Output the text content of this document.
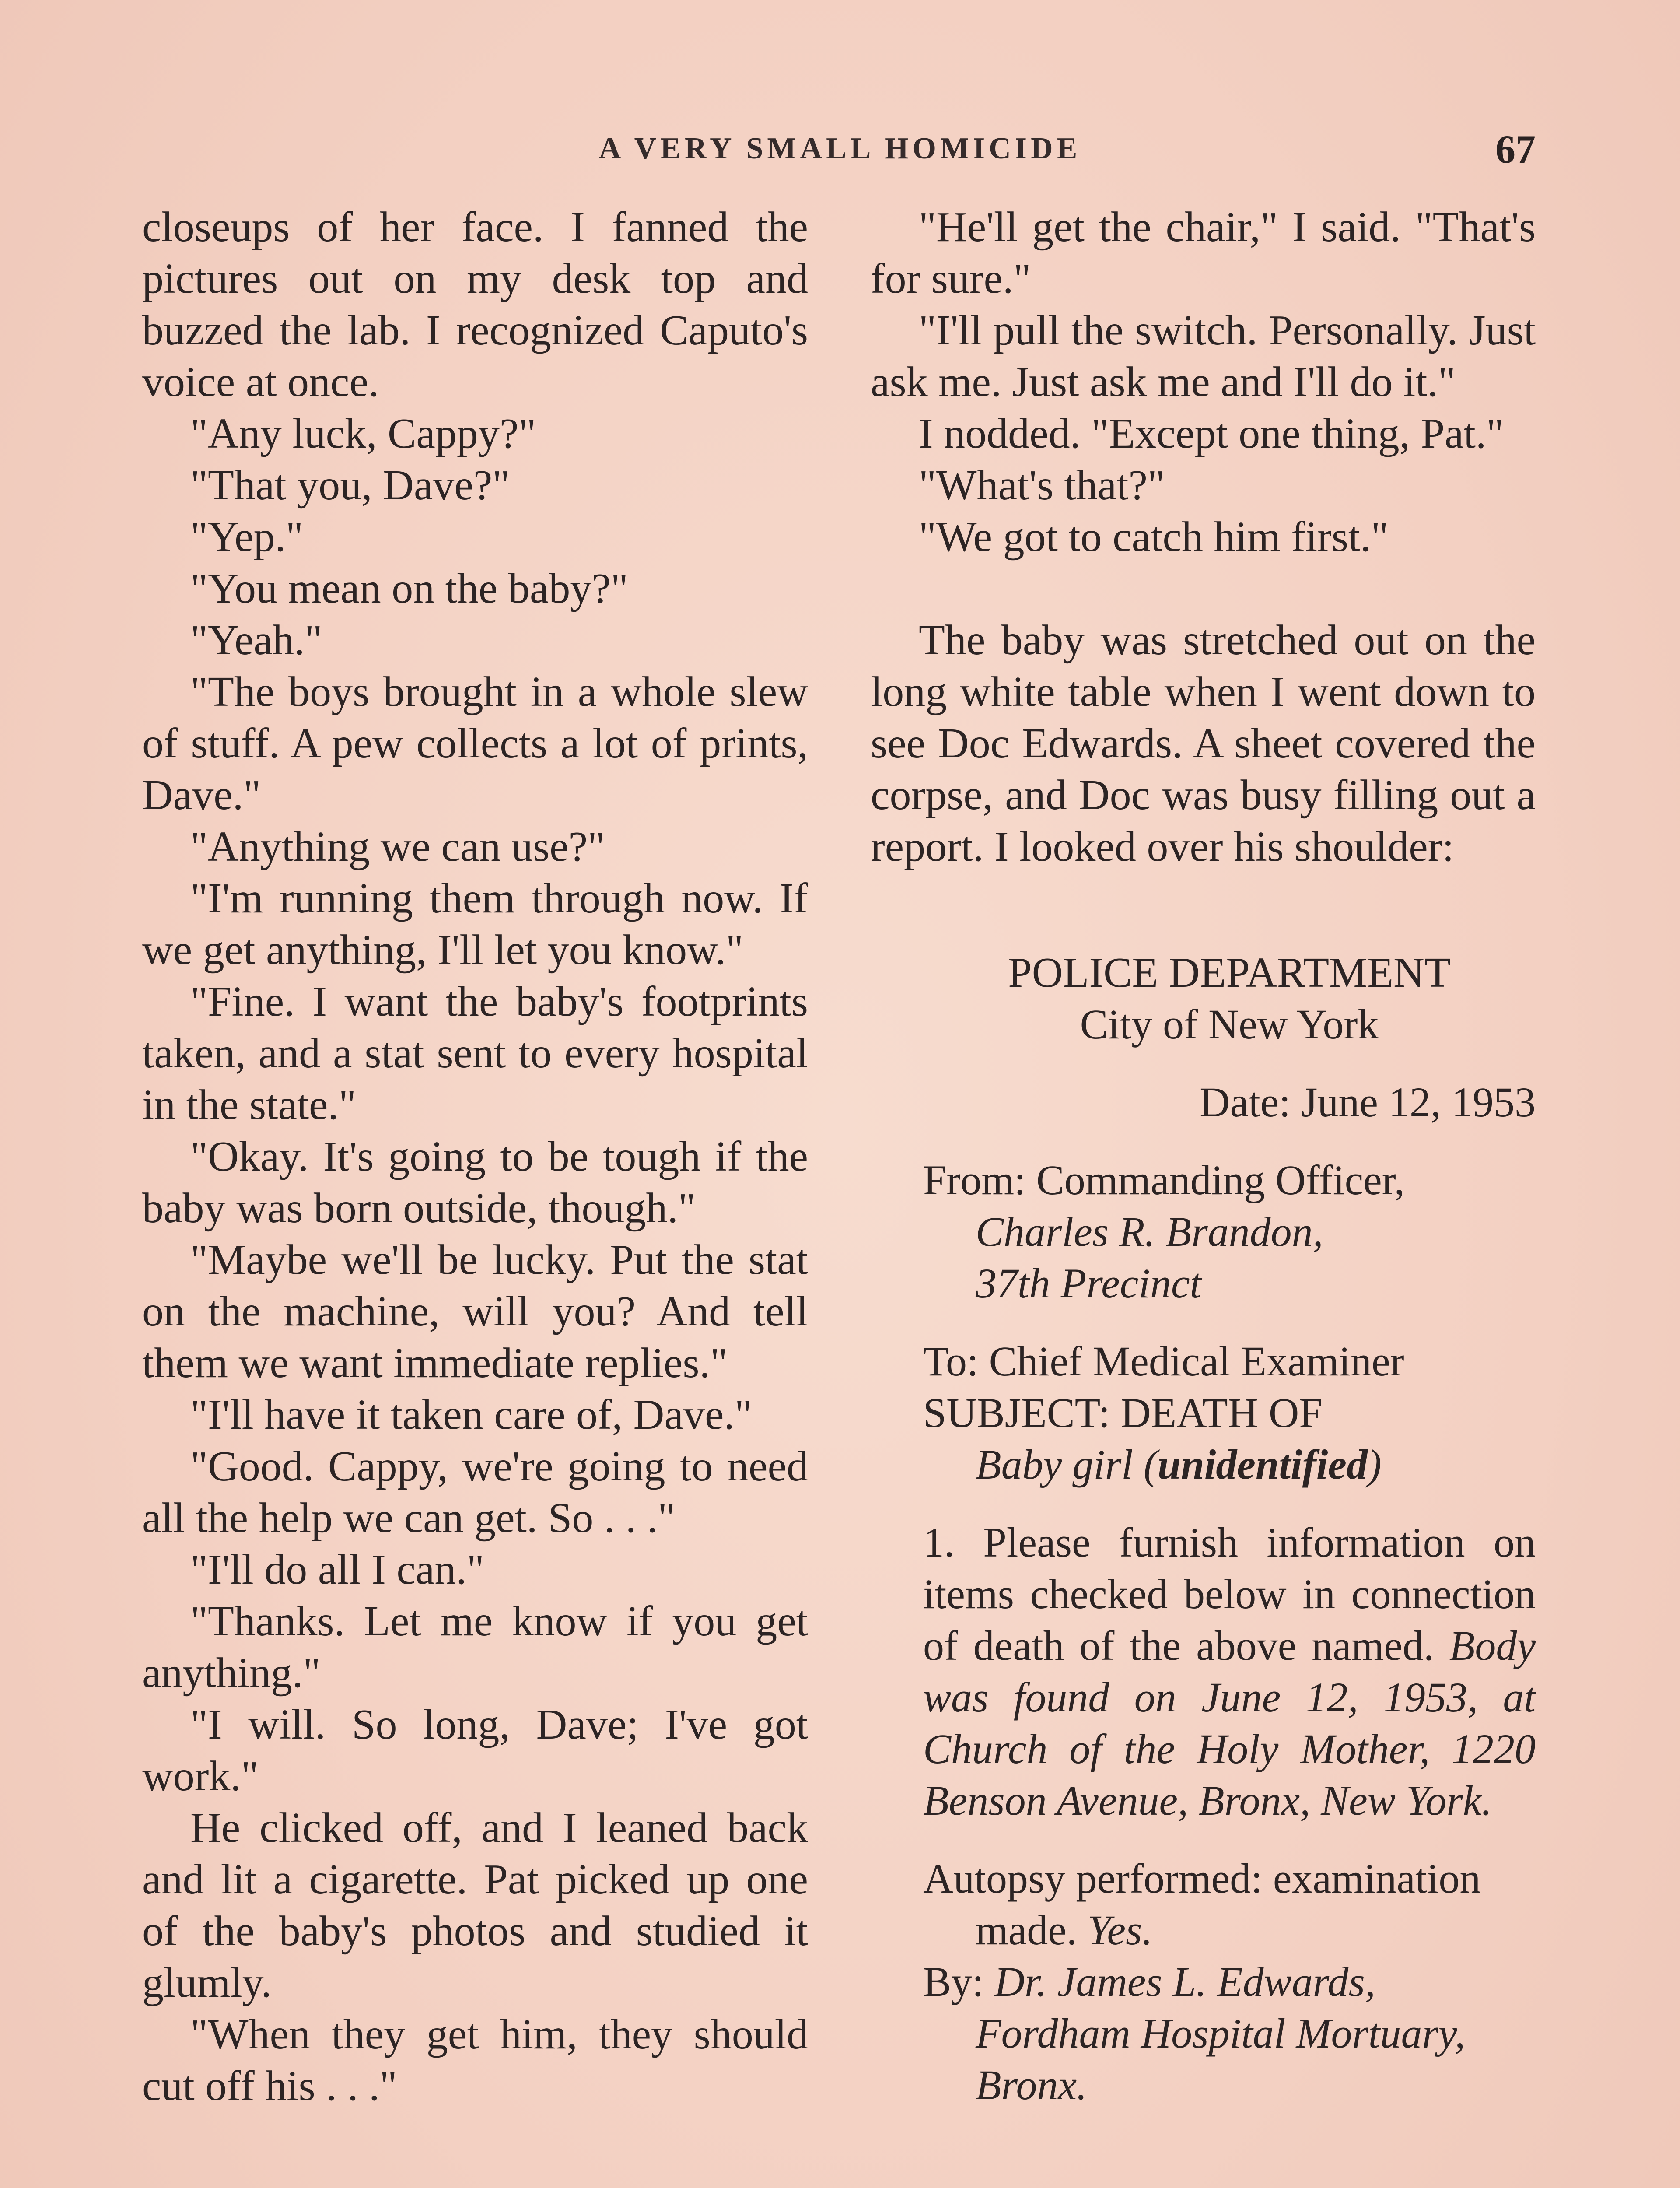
A VERY SMALL HOMICIDE	67

closeups of her face. I fanned the pictures out on my desk top and buzzed the lab. I recognized Caputo's voice at once.

"Any luck, Cappy?"

"That you, Dave?"

"Yep."

"You mean on the baby?"

"Yeah."

"The boys brought in a whole slew of stuff. A pew collects a lot of prints, Dave."

"Anything we can use?"

"I'm running them through now. If we get anything, I'll let you know."

"Fine. I want the baby's footprints taken, and a stat sent to every hospital in the state."

"Okay. It's going to be tough if the baby was born outside, though."

"Maybe we'll be lucky. Put the stat on the machine, will you? And tell them we want immediate replies."

"I'll have it taken care of, Dave."

"Good. Cappy, we're going to need all the help we can get. So . . ."

"I'll do all I can."

"Thanks. Let me know if you get anything."

"I will. So long, Dave; I've got work."

He clicked off, and I leaned back and lit a cigarette. Pat picked up one of the baby's photos and studied it glumly.

"When they get him, they should cut off his . . ."

"He'll get the chair," I said. "That's for sure."

"I'll pull the switch. Personally. Just ask me. Just ask me and I'll do it."

I nodded. "Except one thing, Pat."

"What's that?"

"We got to catch him first."

The baby was stretched out on the long white table when I went down to see Doc Edwards. A sheet covered the corpse, and Doc was busy filling out a report. I looked over his shoulder:

POLICE DEPARTMENT
City of New York
Date: June 12, 1953
From: Commanding Officer,
Charles R. Brandon,
37th Precinct
To: Chief Medical Examiner
SUBJECT: DEATH OF
Baby girl (unidentified)
1. Please furnish information on items checked below in connection of death of the above named. Body was found on June 12, 1953, at Church of the Holy Mother, 1220 Benson Avenue, Bronx, New York.
Autopsy performed: examination made. Yes.
By: Dr. James L. Edwards,
Fordham Hospital Mortuary,
Bronx.
